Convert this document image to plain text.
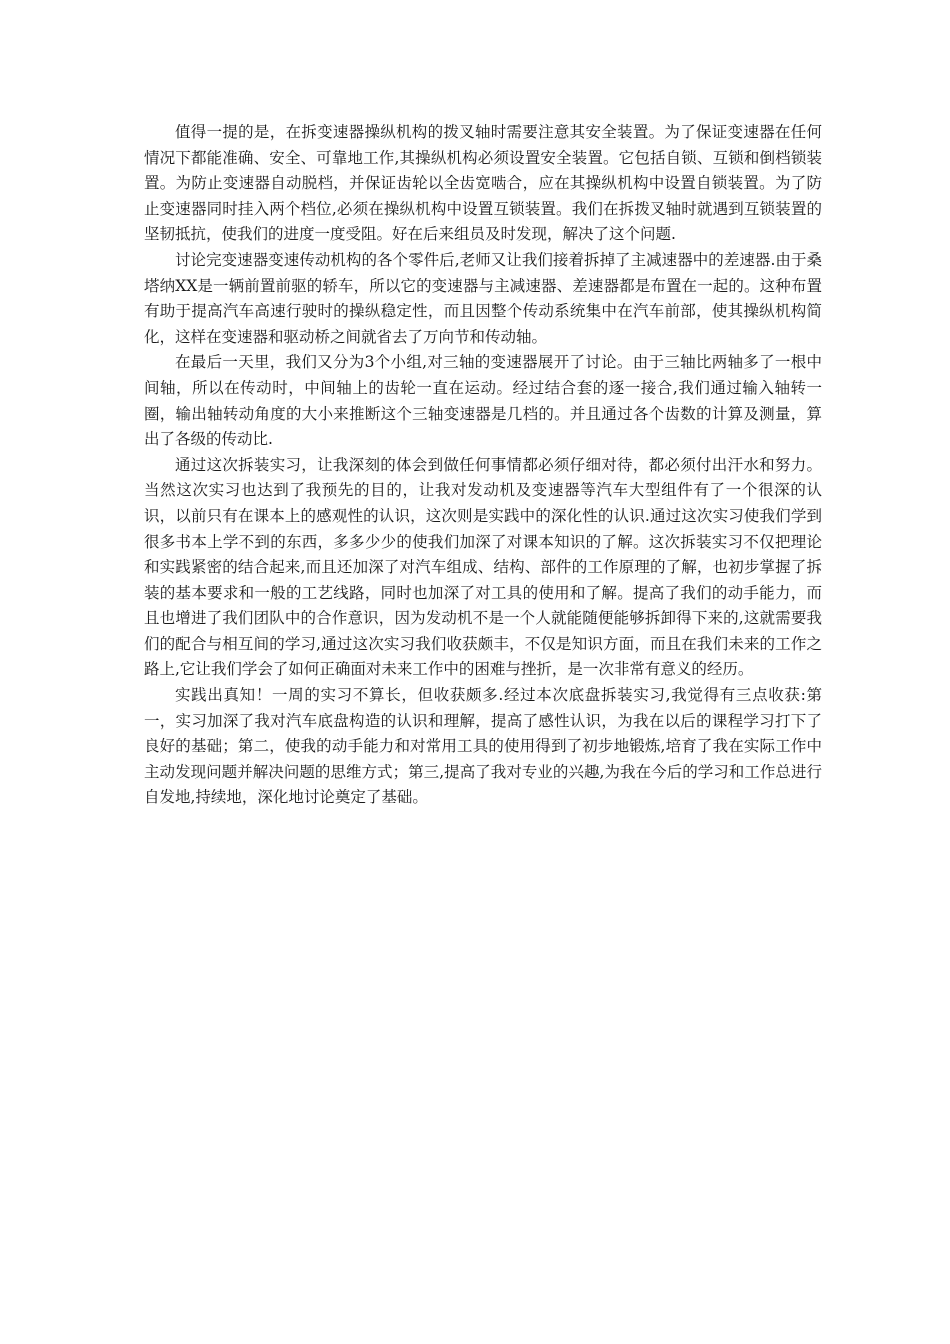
值得一提的是，在拆变速器操纵机构的拨叉轴时需要注意其安全装置。为了保证变速器在任何情况下都能准确、安全、可靠地工作,其操纵机构必须设置安全装置。它包括自锁、互锁和倒档锁装置。为防止变速器自动脱档，并保证齿轮以全齿宽啮合，应在其操纵机构中设置自锁装置。为了防止变速器同时挂入两个档位,必须在操纵机构中设置互锁装置。我们在拆拨叉轴时就遇到互锁装置的坚韧抵抗，使我们的进度一度受阻。好在后来组员及时发现，解决了这个问题.

讨论完变速器变速传动机构的各个零件后,老师又让我们接着拆掉了主减速器中的差速器.由于桑塔纳XX是一辆前置前驱的轿车，所以它的变速器与主减速器、差速器都是布置在一起的。这种布置有助于提高汽车高速行驶时的操纵稳定性，而且因整个传动系统集中在汽车前部，使其操纵机构简化，这样在变速器和驱动桥之间就省去了万向节和传动轴。

在最后一天里，我们又分为3个小组,对三轴的变速器展开了讨论。由于三轴比两轴多了一根中间轴，所以在传动时，中间轴上的齿轮一直在运动。经过结合套的逐一接合,我们通过输入轴转一圈，输出轴转动角度的大小来推断这个三轴变速器是几档的。并且通过各个齿数的计算及测量，算出了各级的传动比.

通过这次拆装实习，让我深刻的体会到做任何事情都必须仔细对待，都必须付出汗水和努力。当然这次实习也达到了我预先的目的，让我对发动机及变速器等汽车大型组件有了一个很深的认识，以前只有在课本上的感观性的认识，这次则是实践中的深化性的认识.通过这次实习使我们学到很多书本上学不到的东西，多多少少的使我们加深了对课本知识的了解。这次拆装实习不仅把理论和实践紧密的结合起来,而且还加深了对汽车组成、结构、部件的工作原理的了解，也初步掌握了拆装的基本要求和一般的工艺线路，同时也加深了对工具的使用和了解。提高了我们的动手能力，而且也增进了我们团队中的合作意识，因为发动机不是一个人就能随便能够拆卸得下来的,这就需要我们的配合与相互间的学习,通过这次实习我们收获颇丰，不仅是知识方面，而且在我们未来的工作之路上,它让我们学会了如何正确面对未来工作中的困难与挫折，是一次非常有意义的经历。

实践出真知！一周的实习不算长，但收获颇多.经过本次底盘拆装实习,我觉得有三点收获:第一，实习加深了我对汽车底盘构造的认识和理解，提高了感性认识，为我在以后的课程学习打下了良好的基础；第二，使我的动手能力和对常用工具的使用得到了初步地锻炼,培育了我在实际工作中主动发现问题并解决问题的思维方式；第三,提高了我对专业的兴趣,为我在今后的学习和工作总进行自发地,持续地，深化地讨论奠定了基础。
